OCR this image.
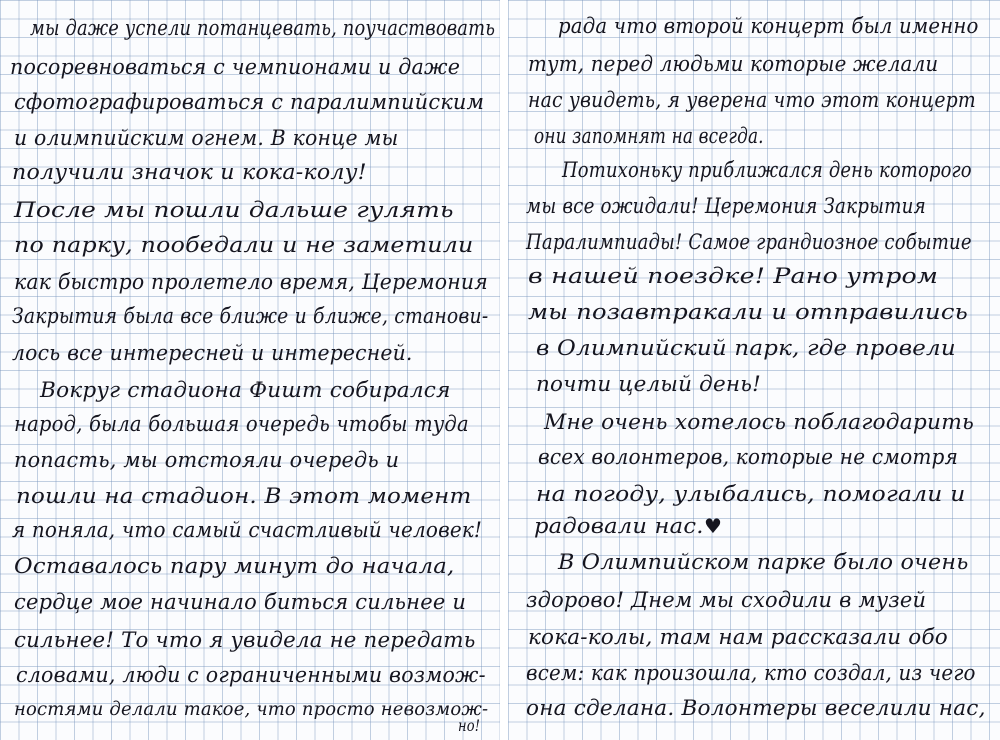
мы даже успели потанцевать, поучаствовать
посоревноваться с чемпионами и даже
сфотографироваться с паралимпийским
и олимпийским огнем. В конце мы
получили значок и кока-колу!
После мы пошли дальше гулять
по парку, пообедали и не заметили
как быстро пролетело время, Церемония
Закрытия была все ближе и ближе, станови-
лось все интересней и интересней.
Вокруг стадиона Фишт собирался
народ, была большая очередь чтобы туда
попасть, мы отстояли очередь и
пошли на стадион. В этот момент
я поняла, что самый счастливый человек!
Оставалось пару минут до начала,
сердце мое начинало биться сильнее и
сильнее! То что я увидела не передать
словами, люди с ограниченными возмож-
ностями делали такое, что просто невозмож-
но!
рада что второй концерт был именно
тут, перед людьми которые желали
нас увидеть, я уверена что этот концерт
они запомнят на всегда.
Потихоньку приближался день которого
мы все ожидали! Церемония Закрытия
Паралимпиады! Самое грандиозное событие
в нашей поездке! Рано утром
мы позавтракали и отправились
в Олимпийский парк, где провели
почти целый день!
Мне очень хотелось поблагодарить
всех волонтеров, которые не смотря
на погоду, улыбались, помогали и
радовали нас.
В Олимпийском парке было очень
здорово! Днем мы сходили в музей
кока-колы, там нам рассказали обо
всем: как произошла, кто создал, из чего
она сделана. Волонтеры веселили нас,
♥
